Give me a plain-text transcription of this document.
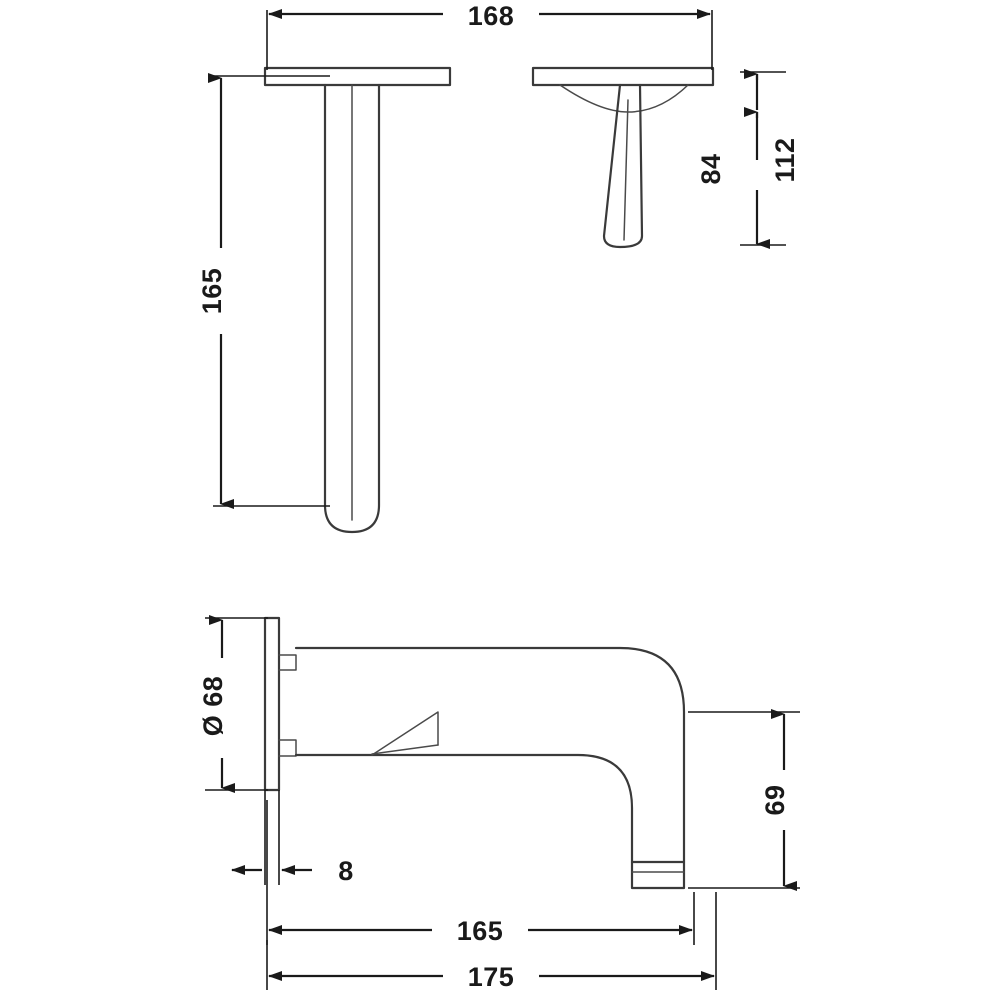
168
165
84 112
Ø 68
8
69
165
175
